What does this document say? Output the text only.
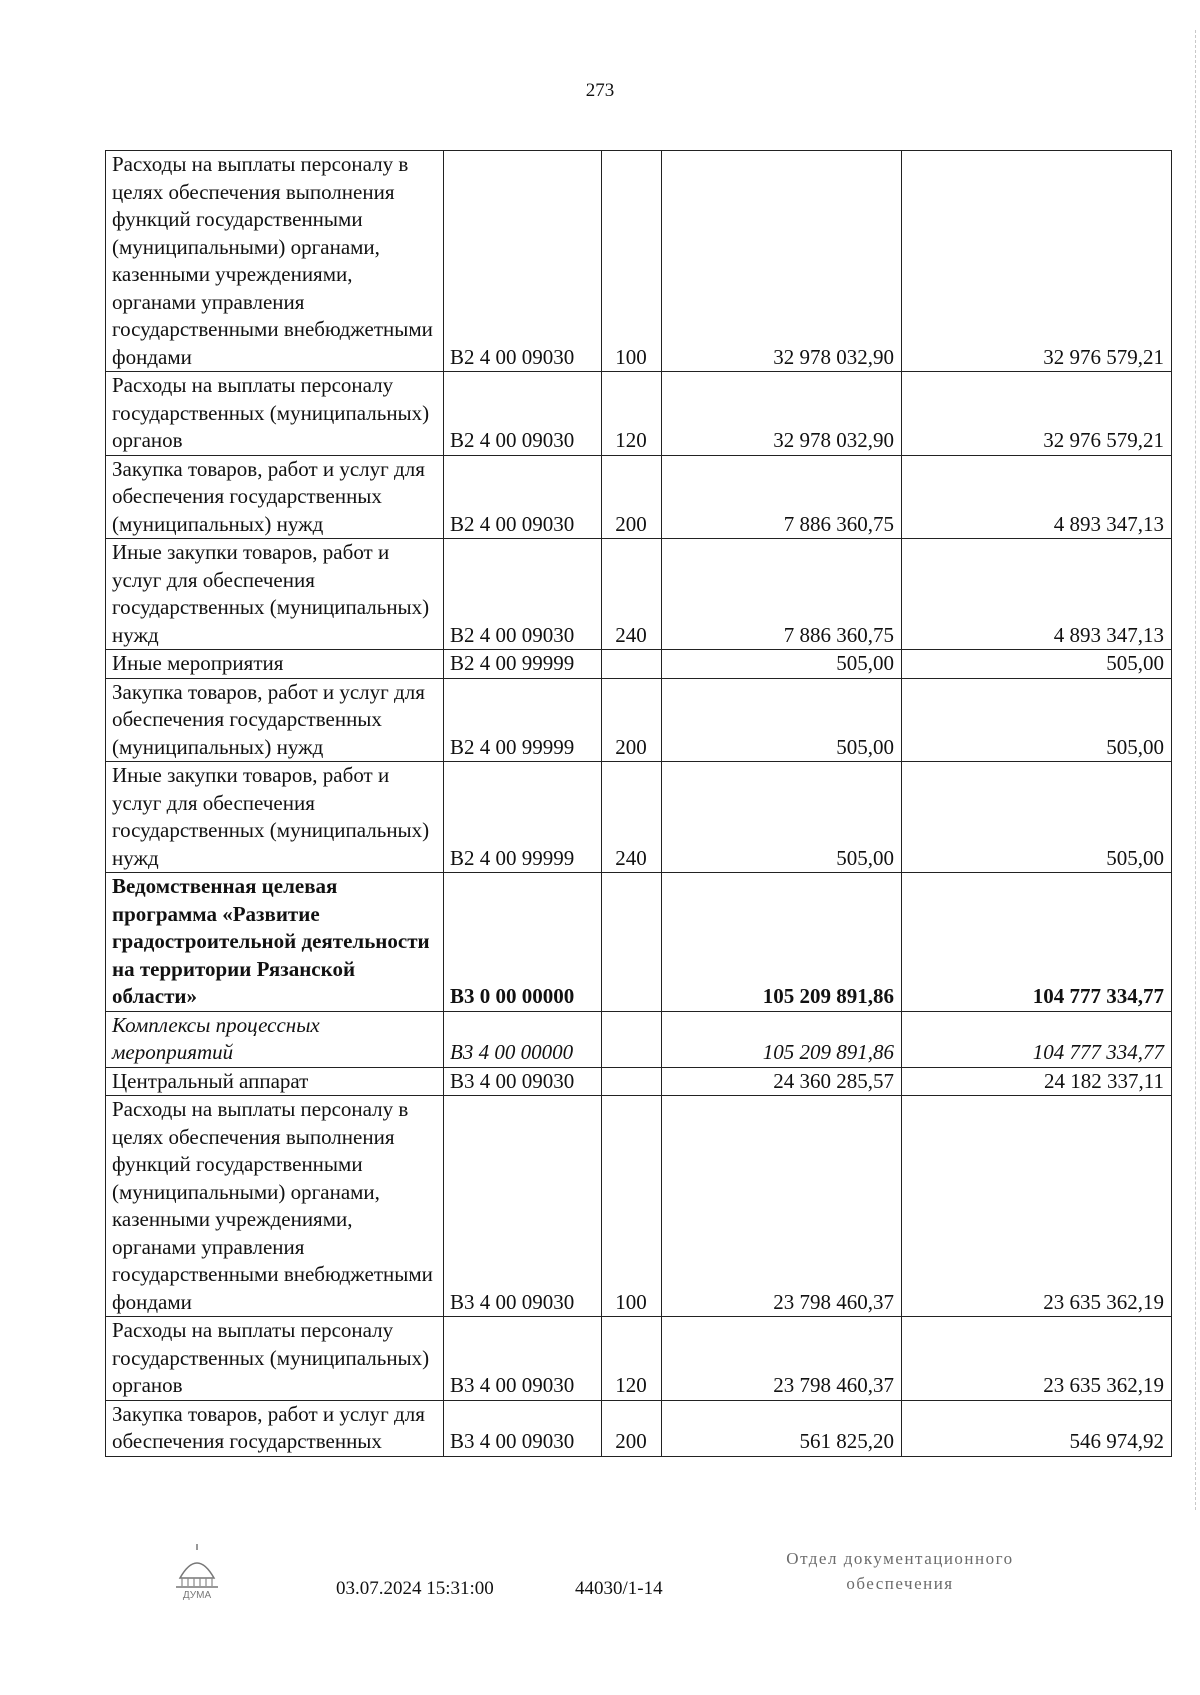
273
Расходы на выплаты персоналу в целях обеспечения выполнения функций государственными (муниципальными) органами, казенными учреждениями, органами управления государственными внебюджетными фондами	В2 4 00 09030	100	32 978 032,90	32 976 579,21
Расходы на выплаты персоналу государственных (муниципальных) органов	В2 4 00 09030	120	32 978 032,90	32 976 579,21
Закупка товаров, работ и услуг для обеспечения государственных (муниципальных) нужд	В2 4 00 09030	200	7 886 360,75	4 893 347,13
Иные закупки товаров, работ и услуг для обеспечения государственных (муниципальных) нужд	В2 4 00 09030	240	7 886 360,75	4 893 347,13
Иные мероприятия	В2 4 00 99999		505,00	505,00
Закупка товаров, работ и услуг для обеспечения государственных (муниципальных) нужд	В2 4 00 99999	200	505,00	505,00
Иные закупки товаров, работ и услуг для обеспечения государственных (муниципальных) нужд	В2 4 00 99999	240	505,00	505,00
Ведомственная целевая программа «Развитие градостроительной деятельности на территории Рязанской области»	В3 0 00 00000		105 209 891,86	104 777 334,77
Комплексы процессных мероприятий	В3 4 00 00000		105 209 891,86	104 777 334,77
Центральный аппарат	В3 4 00 09030		24 360 285,57	24 182 337,11
Расходы на выплаты персоналу в целях обеспечения выполнения функций государственными (муниципальными) органами, казенными учреждениями, органами управления государственными внебюджетными фондами	В3 4 00 09030	100	23 798 460,37	23 635 362,19
Расходы на выплаты персоналу государственных (муниципальных) органов	В3 4 00 09030	120	23 798 460,37	23 635 362,19
Закупка товаров, работ и услуг для обеспечения государственных	В3 4 00 09030	200	561 825,20	546 974,92
ДУМА	03.07.2024 15:31:00	44030/1-14
Отдел документационного
обеспечения
